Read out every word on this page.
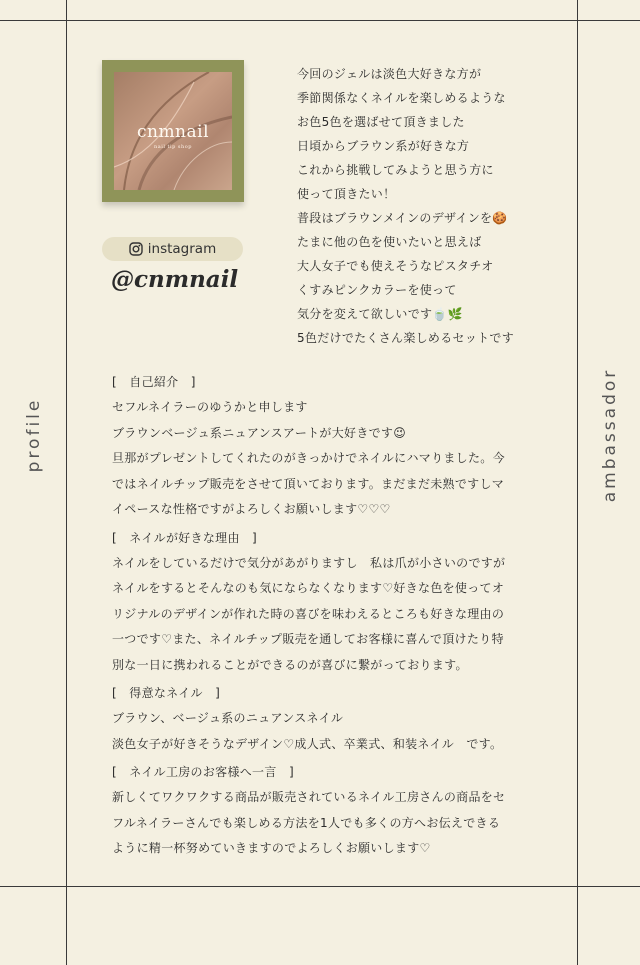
profile	ambassador
cnmnail
nail tip shop
instagram
@cnmnail
今回のジェルは淡色大好きな方が
季節関係なくネイルを楽しめるような
お色5色を選ばせて頂きました
日頃からブラウン系が好きな方
これから挑戦してみようと思う方に
使って頂きたい！
普段はブラウンメインのデザインを🍪
たまに他の色を使いたいと思えば
大人女子でも使えそうなピスタチオ
くすみピンクカラーを使って
気分を変えて欲しいです🍵🌿
5色だけでたくさん楽しめるセットです
[　自己紹介　]
セフルネイラーのゆうかと申します
ブラウンベージュ系ニュアンスアートが大好きです😉
旦那がプレゼントしてくれたのがきっかけでネイルにハマりました。今
ではネイルチップ販売をさせて頂いております。まだまだ未熟ですしマ
イペースな性格ですがよろしくお願いします♡♡♡
[　ネイルが好きな理由　]
ネイルをしているだけで気分があがりますし　私は爪が小さいのですが
ネイルをするとそんなのも気にならなくなります♡好きな色を使ってオ
リジナルのデザインが作れた時の喜びを味わえるところも好きな理由の
一つです♡また、ネイルチップ販売を通してお客様に喜んで頂けたり特
別な一日に携われることができるのが喜びに繋がっております。
[　得意なネイル　]
ブラウン、ベージュ系のニュアンスネイル
淡色女子が好きそうなデザイン♡成人式、卒業式、和装ネイル　です。
[　ネイル工房のお客様へ一言　]
新しくてワクワクする商品が販売されているネイル工房さんの商品をセ
フルネイラーさんでも楽しめる方法を1人でも多くの方へお伝えできる
ように精一杯努めていきますのでよろしくお願いします♡
